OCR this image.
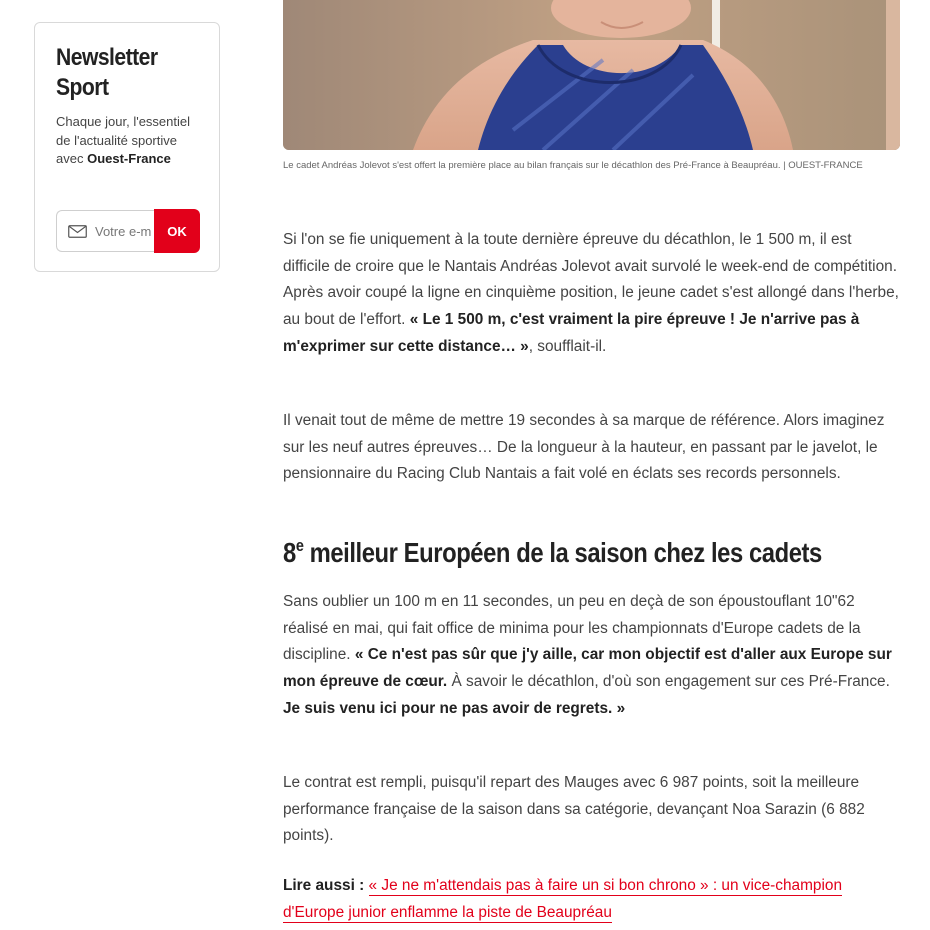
Newsletter Sport

Chaque jour, l'essentiel de l'actualité sportive avec Ouest-France

Votre e-mail
OK

Le cadet Andréas Jolevot s'est offert la première place au bilan français sur le décathlon des Pré-France à Beaupréau. | OUEST-FRANCE

Si l'on se fie uniquement à la toute dernière épreuve du décathlon, le 1 500 m, il est difficile de croire que le Nantais Andréas Jolevot avait survolé le week-end de compétition. Après avoir coupé la ligne en cinquième position, le jeune cadet s'est allongé dans l'herbe, au bout de l'effort. « Le 1 500 m, c'est vraiment la pire épreuve ! Je n'arrive pas à m'exprimer sur cette distance… », soufflait-il.

Il venait tout de même de mettre 19 secondes à sa marque de référence. Alors imaginez sur les neuf autres épreuves… De la longueur à la hauteur, en passant par le javelot, le pensionnaire du Racing Club Nantais a fait volé en éclats ses records personnels.

8e meilleur Européen de la saison chez les cadets

Sans oublier un 100 m en 11 secondes, un peu en deçà de son époustouflant 10"62 réalisé en mai, qui fait office de minima pour les championnats d'Europe cadets de la discipline. « Ce n'est pas sûr que j'y aille, car mon objectif est d'aller aux Europe sur mon épreuve de cœur. À savoir le décathlon, d'où son engagement sur ces Pré-France. Je suis venu ici pour ne pas avoir de regrets. »

Le contrat est rempli, puisqu'il repart des Mauges avec 6 987 points, soit la meilleure performance française de la saison dans sa catégorie, devançant Noa Sarazin (6 882 points).

Lire aussi : « Je ne m'attendais pas à faire un si bon chrono » : un vice-champion d'Europe junior enflamme la piste de Beaupréau
